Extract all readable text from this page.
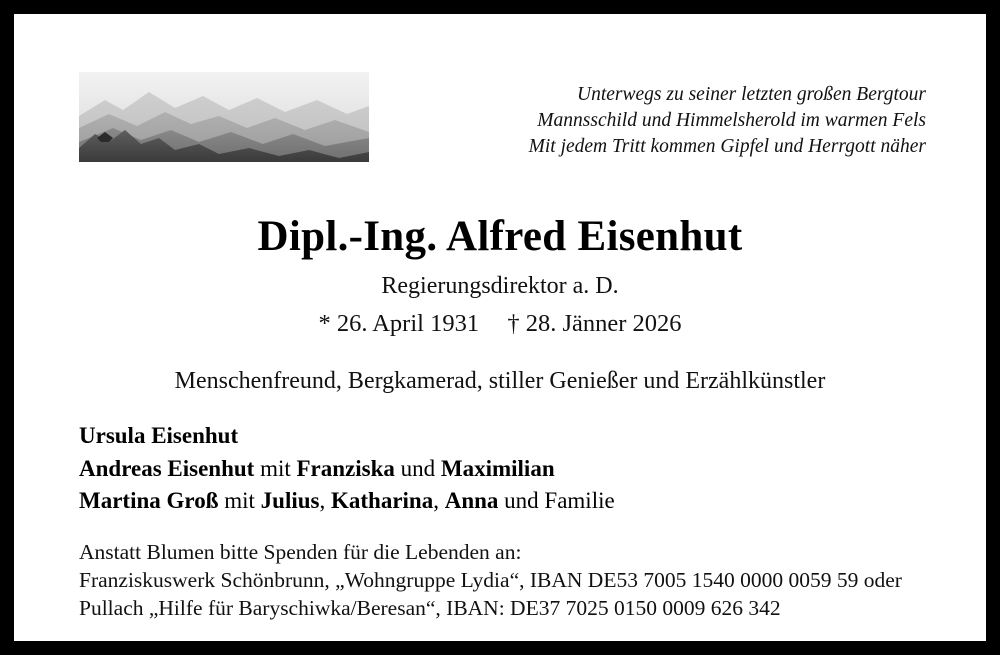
Unterwegs zu seiner letzten großen Bergtour
Mannsschild und Himmelsherold im warmen Fels
Mit jedem Tritt kommen Gipfel und Herrgott näher
Dipl.-Ing. Alfred Eisenhut
Regierungsdirektor a. D.
* 26. April 1931 † 28. Jänner 2026
Menschenfreund, Bergkamerad, stiller Genießer und Erzählkünstler
Ursula Eisenhut
Andreas Eisenhut mit Franziska und Maximilian
Martina Groß mit Julius, Katharina, Anna und Familie
Anstatt Blumen bitte Spenden für die Lebenden an:
Franziskuswerk Schönbrunn, „Wohngruppe Lydia“, IBAN DE53 7005 1540 0000 0059 59 oder
Pullach „Hilfe für Baryschiwka/Beresan“, IBAN: DE37 7025 0150 0009 626 342
